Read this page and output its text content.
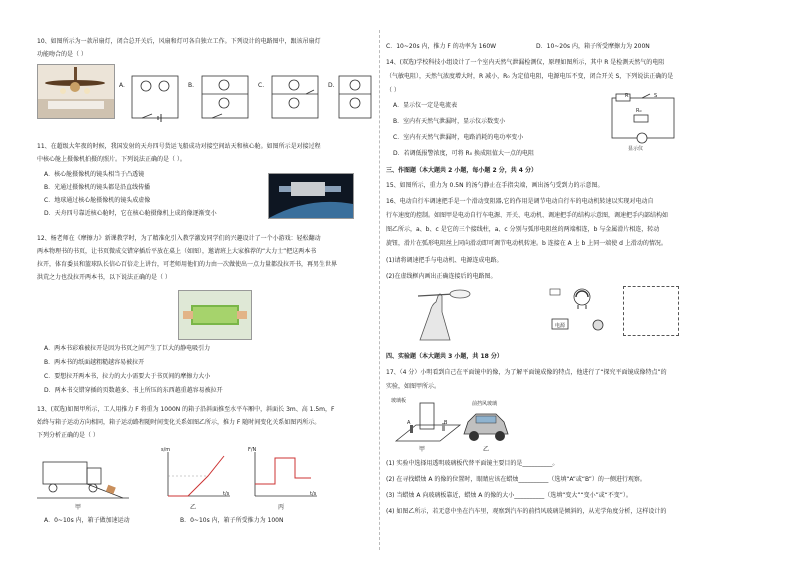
10、如图所示为一款吊扇灯，闭合总开关后，风扇和灯可各自独立工作。下列设计的电路图中，跟该吊扇灯
功能吻合的是（ ）
A.	B.	C.	D.
11、在超级大年夜的时候，我国发射的天舟四号货运飞船成功对接空间站天和核心舱。如图所示是对接过程
中核心舱上摄像机拍摄的照片。下列说法正确的是（ ）。
A．核心舱摄像机的镜头相当于凸透镜
B．光通过摄像机的镜头都是沿直线传播
C．地球通过核心舱摄像机的镜头成虚像
D．天舟四号靠近核心舱时，它在核心舱摄像机上成的像逐渐变小
12、杨老师在《摩擦力》新课教学时，为了精准化引入教学激发同学们的兴趣设计了一个小游戏：轻松翻动
两本物理书的书页，让书页微成交错穿插后平放在桌上（如图），邀请班上大家推荐的“大力士”把这两本书
拉开，体育委员和篮球队长信心百倍走上讲台，可老师用他们的力由一次做使出一点力量都没拉开书，再男生世界
洪荒之力也没拉开两本书，以下说法正确的是（ ）
A．两本书彩难被拉开是因为书页之间产生了巨大的静电吸引力
B．两本书的纸面越粗糙越容易被拉开
C．要想拉开两本书，拉力的大小需要大于书页间的摩擦力大小
D．两本书交错穿插的页数越多、书上所压的东西越重越容易被拉开
13、(双选)如图甲所示，工人用推力 F 将重为 1000N 的箱子沿斜面推至水平车厢中，斜面长 3m、高 1.5m，F
始终与箱子运动方向相同，箱子运动路程随时间变化关系如图乙所示，推力 F 随时间变化关系如图丙所示。
下列分析正确的是（ ）
甲
s/m
t/s
乙
F/N
t/s
丙
A．0~10s 内，箱子做加速运动	B．0~10s 内，箱子所受推力为 100N
C．10~20s 内，推力 F 的功率为 160W	D．10~20s 内，箱子所受摩擦力为 200N
14、(双选)学校科技小组设计了一个室内天然气泄漏检测仪，原理如图所示，其中 R 是检测天然气的电阻
（气敏电阻），天然气浓度增大时，R 减小，R₀ 为定值电阻，电源电压不变，闭合开关 S，下列说法正确的是
（ ）
A．显示仪一定是电流表
B．室内有天然气泄漏时，显示仪示数变小
C．室内有天然气泄漏时，电路消耗的电功率变小
D．若调低报警浓度，可将 R₀ 换成阻值大一点的电阻
R	S
R₀
显示仪
三、作图题（本大题共 2 小题，每小题 2 分，共 4 分）
15、如图所示，重力为 0.5N 的汤勺静止在手指尖端，画出汤勺受到力的示意图。
16、电动自行车调速把手是一个滑动变阻器,它的作用是调节电动自行车的电动机转速以实现对电动自
行车速度的控制。如图甲是电动自行车电源、开关、电动机、调速把手的结构示意图，调速把手内部结构如
图乙所示，a、b、c 是它的三个接线柱，a、c 分别与弧形电阻丝的两端相连，b 与金属滑片相连，转动
旋钮，滑片在弧形电阻丝上同向滑动即可调节电动机转速。b 连接在 A 上 b 上同一端使 d 上滑动的情况。
(1)请将调速把手与电动机、电源连成电路。
(2)在虚线框内画出正确连接后的电路图。
电源
四、实验题（本大题共 3 小题，共 18 分）
17、（4 分）小明看到自己在平面镜中的像，为了解平面镜成像的特点，他进行了“探究平面镜成像特点”的
实验，如图甲所示。
玻璃板
A	B
甲
前挡风玻璃
乙
(1) 实验中选择用透明玻璃板代替平面镜主要目的是__________。
(2) 在寻找蜡烛 A 的像的位置时，眼睛应该在蜡烛__________（选填“A”或“B”）的一侧进行观察。
(3) 当蜡烛 A 向玻璃板靠近，蜡烛 A 的像的大小__________（选填“变大”“变小”或“不变”）。
(4) 如图乙所示，若无意中坐在汽车里，观察到汽车的前挡风玻璃是倾斜的，从光学角度分析，这样设计的
